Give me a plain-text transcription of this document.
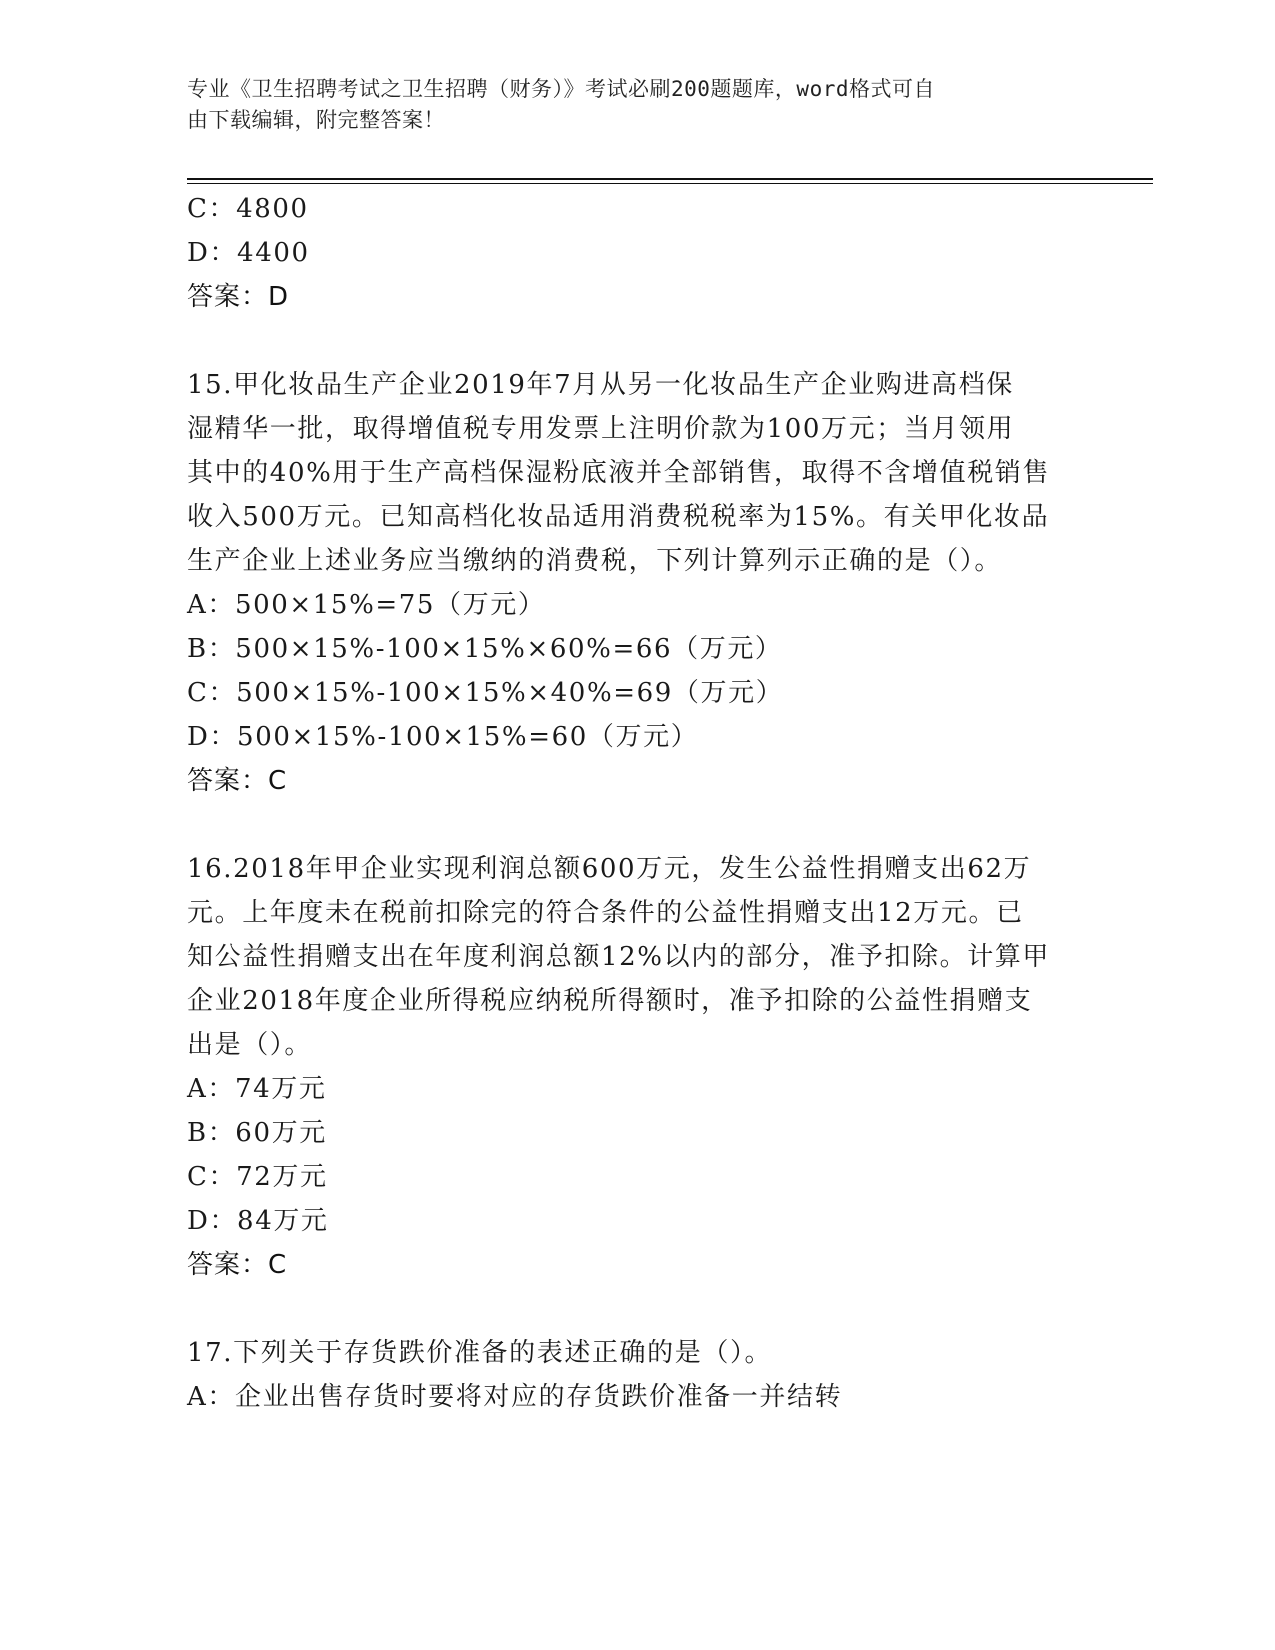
专业《卫生招聘考试之卫生招聘（财务）》考试必刷200题题库，word格式可自
由下载编辑，附完整答案！
C：4800
D：4400
答案：D
15.甲化妆品生产企业2019年7月从另一化妆品生产企业购进高档保
湿精华一批，取得增值税专用发票上注明价款为100万元；当月领用
其中的40%用于生产高档保湿粉底液并全部销售，取得不含增值税销售
收入500万元。已知高档化妆品适用消费税税率为15%。有关甲化妆品
生产企业上述业务应当缴纳的消费税，下列计算列示正确的是（）。
A：500×15%=75（万元）
B：500×15%-100×15%×60%=66（万元）
C：500×15%-100×15%×40%=69（万元）
D：500×15%-100×15%=60（万元）
答案：C
16.2018年甲企业实现利润总额600万元，发生公益性捐赠支出62万
元。上年度未在税前扣除完的符合条件的公益性捐赠支出12万元。已
知公益性捐赠支出在年度利润总额12%以内的部分，准予扣除。计算甲
企业2018年度企业所得税应纳税所得额时，准予扣除的公益性捐赠支
出是（）。
A：74万元
B：60万元
C：72万元
D：84万元
答案：C
17.下列关于存货跌价准备的表述正确的是（）。
A：企业出售存货时要将对应的存货跌价准备一并结转
